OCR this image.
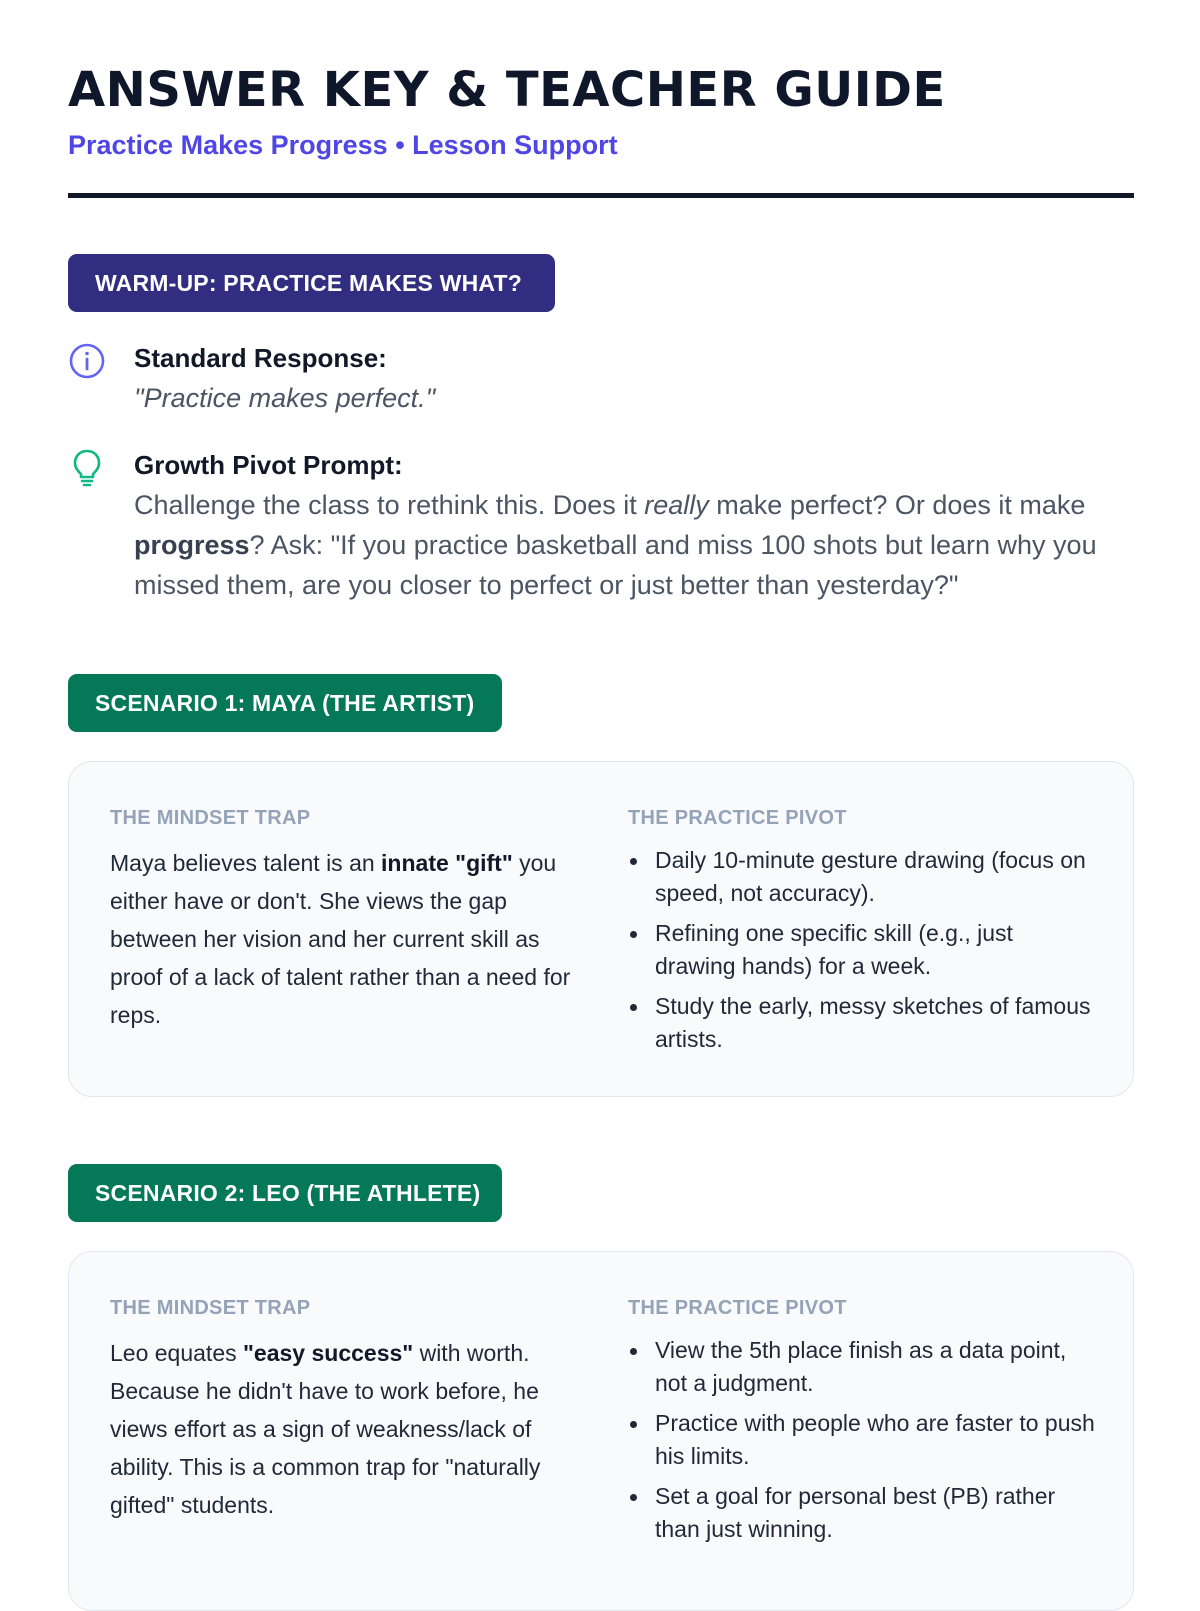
ANSWER KEY & TEACHER GUIDE
Practice Makes Progress • Lesson Support
WARM-UP: PRACTICE MAKES WHAT?
Standard Response:
"Practice makes perfect."
Growth Pivot Prompt:
Challenge the class to rethink this. Does it really make perfect? Or does it make progress? Ask: "If you practice basketball and miss 100 shots but learn why you missed them, are you closer to perfect or just better than yesterday?"
SCENARIO 1: MAYA (THE ARTIST)
THE MINDSET TRAP

Maya believes talent is an innate "gift" you either have or don't. She views the gap between her vision and her current skill as proof of a lack of talent rather than a need for reps.

THE PRACTICE PIVOT
Daily 10-minute gesture drawing (focus on speed, not accuracy).
Refining one specific skill (e.g., just drawing hands) for a week.
Study the early, messy sketches of famous artists.
SCENARIO 2: LEO (THE ATHLETE)
THE MINDSET TRAP

Leo equates "easy success" with worth. Because he didn't have to work before, he views effort as a sign of weakness/lack of ability. This is a common trap for "naturally gifted" students.

THE PRACTICE PIVOT
View the 5th place finish as a data point, not a judgment.
Practice with people who are faster to push his limits.
Set a goal for personal best (PB) rather than just winning.
